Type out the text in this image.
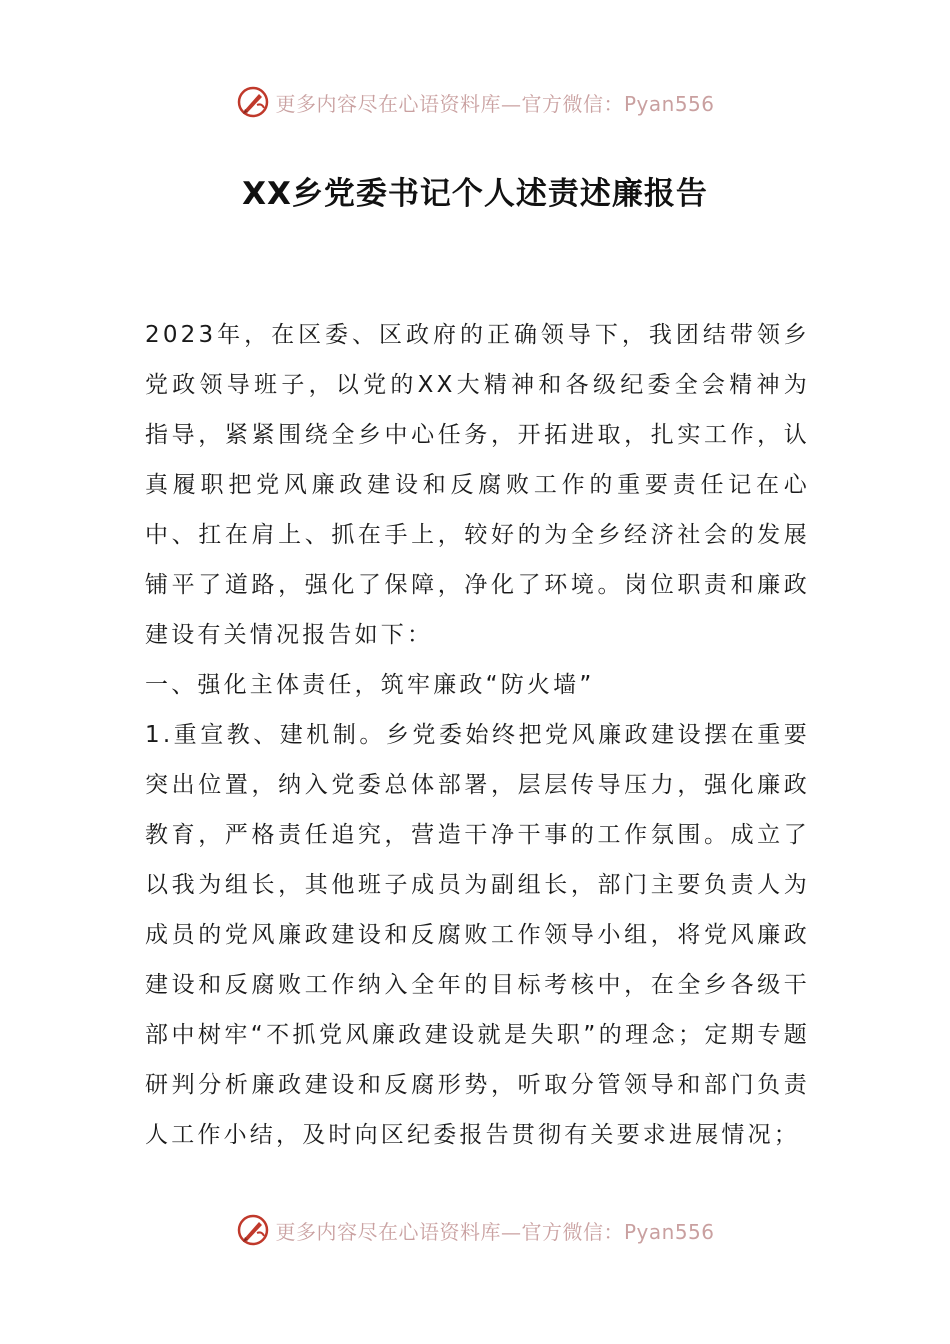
更多内容尽在心语资料库—官方微信：Pyan556
XX乡党委书记个人述责述廉报告

2023年，在区委、区政府的正确领导下，我团结带领乡党政领导班子，以党的XX大精神和各级纪委全会精神为指导，紧紧围绕全乡中心任务，开拓进取，扎实工作，认真履职把党风廉政建设和反腐败工作的重要责任记在心中、扛在肩上、抓在手上，较好的为全乡经济社会的发展铺平了道路，强化了保障，净化了环境。岗位职责和廉政建设有关情况报告如下：

一、强化主体责任，筑牢廉政“防火墙”

1.重宣教、建机制。乡党委始终把党风廉政建设摆在重要突出位置，纳入党委总体部署，层层传导压力，强化廉政教育，严格责任追究，营造干净干事的工作氛围。成立了以我为组长，其他班子成员为副组长，部门主要负责人为成员的党风廉政建设和反腐败工作领导小组，将党风廉政建设和反腐败工作纳入全年的目标考核中，在全乡各级干部中树牢“不抓党风廉政建设就是失职”的理念；定期专题研判分析廉政建设和反腐形势，听取分管领导和部门负责人工作小结，及时向区纪委报告贯彻有关要求进展情况；

更多内容尽在心语资料库—官方微信：Pyan556
